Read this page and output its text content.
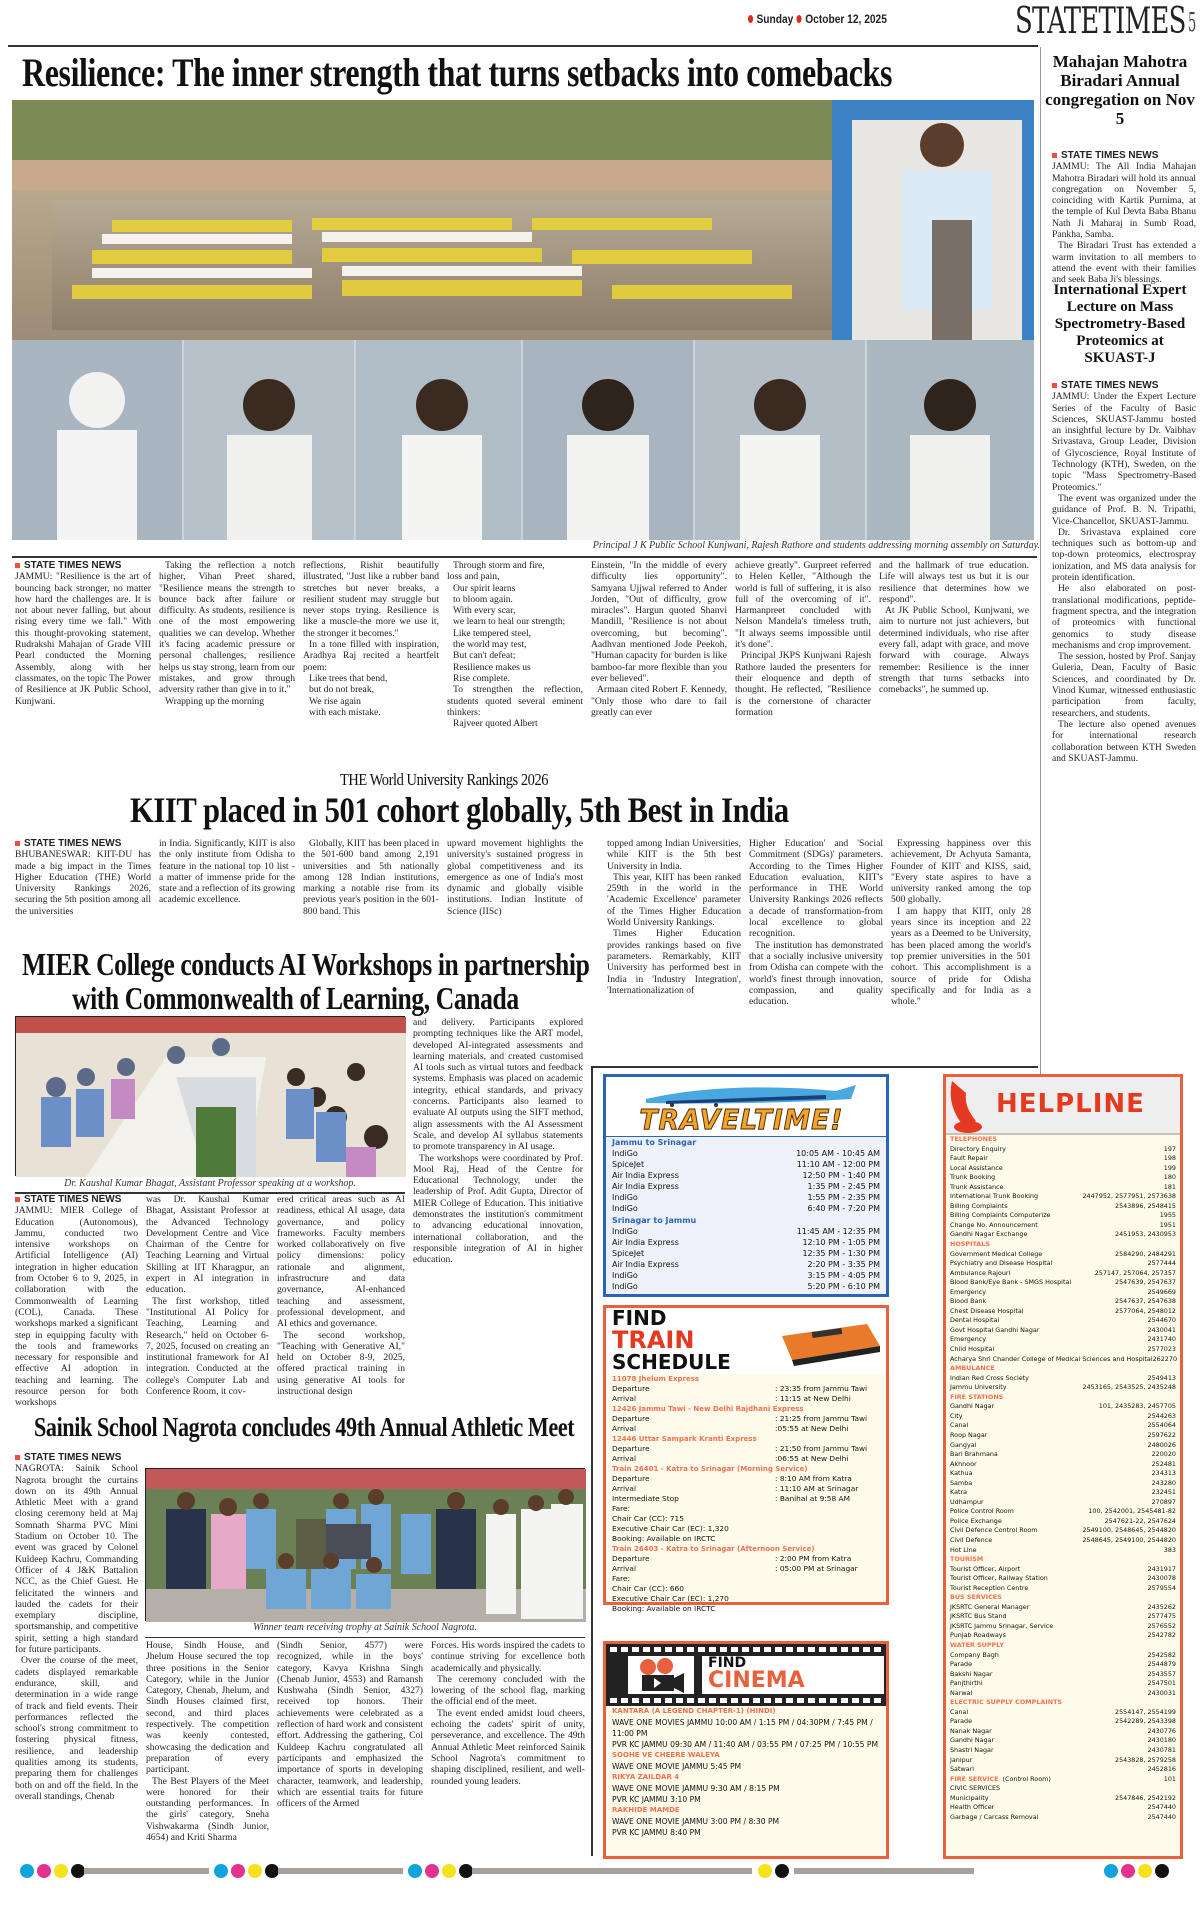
Sunday October 12, 2025	STATETIMES 5
Resilience: The inner strength that turns setbacks into comebacks
Principal J K Public School Kunjwani, Rajesh Rathore and students addressing morning assembly on Saturday.
STATE TIMES NEWS

JAMMU: "Resilience is the art of bouncing back stronger, no matter how hard the challenges are. It is not about never falling, but about rising every time we fall." With this thought-provoking statement, Rudrakshi Mahajan of Grade VIII Pearl conducted the Morning Assembly, along with her classmates, on the topic The Power of Resilience at JK Public School, Kunjwani.

Taking the reflection a notch higher, Vihan Preet shared, "Resilience means the strength to bounce back after failure or difficulty. As students, resilience is one of the most empowering qualities we can develop. Whether it's facing academic pressure or personal challenges, resilience helps us stay strong, learn from our mistakes, and grow through adversity rather than give in to it."

Wrapping up the morning

reflections, Rishit beautifully illustrated, "Just like a rubber band stretches but never breaks, a resilient student may struggle but never stops trying. Resilience is like a muscle-the more we use it, the stronger it becomes."

In a tone filled with inspiration, Aradhya Raj recited a heartfelt poem:

Like trees that bend,

but do not break,

We rise again

with each mistake.

Through storm and fire,

loss and pain,

Our spirit learns

to bloom again.

With every scar,

we learn to heal our strength;

Like tempered steel,

the world may test,

But can't defeat;

Resilience makes us

Rise complete.

To strengthen the reflection, students quoted several eminent thinkers:

Rajveer quoted Albert

Einstein, "In the middle of every difficulty lies opportunity". Samyana Ujjwal referred to Ander Jorden, "Out of difficulty, grow miracles". Hargun quoted Shanvi Mandill, "Resilience is not about overcoming, but becoming". Aadhvan mentioned Jode Peekoh, "Human capacity for burden is like bamboo-far more flexible than you ever believed".

Armaan cited Robert F. Kennedy, "Only those who dare to fail greatly can ever

achieve greatly". Gurpreet referred to Helen Keller, "Although the world is full of suffering, it is also full of the overcoming of it". Harmanpreet concluded with Nelson Mandela's timeless truth, "It always seems impossible until it's done".

Principal JKPS Kunjwani Rajesh Rathore lauded the presenters for their eloquence and depth of thought. He reflected, "Resilience is the cornerstone of character formation

and the hallmark of true education. Life will always test us but it is our resilience that determines how we respond".

At JK Public School, Kunjwani, we aim to nurture not just achievers, but determined individuals, who rise after every fall, adapt with grace, and move forward with courage. Always remember: Resilience is the inner strength that turns setbacks into comebacks", he summed up.

Mahajan Mahotra Biradari Annual congregation on Nov 5
STATE TIMES NEWS

JAMMU: The All India Mahajan Mahotra Biradari will hold its annual congregation on November 5, coinciding with Kartik Purnima, at the temple of Kul Devta Baba Bhanu Nath Ji Maharaj in Sumb Road, Pankha, Samba.

The Biradari Trust has extended a warm invitation to all members to attend the event with their families and seek Baba Ji's blessings.

International Expert Lecture on Mass Spectrometry-Based Proteomics at SKUAST-J
STATE TIMES NEWS

JAMMU: Under the Expert Lecture Series of the Faculty of Basic Sciences, SKUAST-Jammu hosted an insightful lecture by Dr. Vaibhav Srivastava, Group Leader, Division of Glycoscience, Royal Institute of Technology (KTH), Sweden, on the topic "Mass Spectrometry-Based Proteomics."

The event was organized under the guidance of Prof. B. N. Tripathi, Vice-Chancellor, SKUAST-Jammu.

Dr. Srivastava explained core techniques such as bottom-up and top-down proteomics, electrospray ionization, and MS data analysis for protein identification.

He also elaborated on post-translational modifications, peptide-fragment spectra, and the integration of proteomics with functional genomics to study disease mechanisms and crop improvement.

The session, hosted by Prof. Sanjay Guleria, Dean, Faculty of Basic Sciences, and coordinated by Dr. Vinod Kumar, witnessed enthusiastic participation from faculty, researchers, and students.

The lecture also opened avenues for international research collaboration between KTH Sweden and SKUAST-Jammu.

THE World University Rankings 2026
KIIT placed in 501 cohort globally, 5th Best in India
STATE TIMES NEWS

BHUBANESWAR: KIIT-DU has made a big impact in the Times Higher Education (THE) World University Rankings 2026, securing the 5th position among all the universities

in India. Significantly, KIIT is also the only institute from Odisha to feature in the national top 10 list - a matter of immense pride for the state and a reflection of its growing academic excellence.

Globally, KIIT has been placed in the 501-600 band among 2,191 universities and 5th nationally among 128 Indian institutions, marking a notable rise from its previous year's position in the 601-800 band. This

upward movement highlights the university's sustained progress in global competitiveness and its emergence as one of India's most dynamic and globally visible institutions. Indian Institute of Science (IISc)

topped among Indian Universities, while KIIT is the 5th best University in India.

This year, KIIT has been ranked 259th in the world in the 'Academic Excellence' parameter of the Times Higher Education World University Rankings.

Times Higher Education provides rankings based on five parameters. Remarkably, KIIT University has performed best in India in 'Industry Integration', 'Internationalization of

Higher Education' and 'Social Commitment (SDGs)' parameters. According to the Times Higher Education evaluation, KIIT's performance in THE World University Rankings 2026 reflects a decade of transformation-from local excellence to global recognition.

The institution has demonstrated that a socially inclusive university from Odisha can compete with the world's finest through innovation, compassion, and quality education.

Expressing happiness over this achievement, Dr Achyuta Samanta, Founder of KIIT and KISS, said, "Every state aspires to have a university ranked among the top 500 globally.

I am happy that KIIT, only 28 years since its inception and 22 years as a Deemed to be University, has been placed among the world's top premier universities in the 501 cohort. This accomplishment is a source of pride for Odisha specifically and for India as a whole."

MIER College conducts AI Workshops in partnership
with Commonwealth of Learning, Canada
Dr. Kaushal Kumar Bhagat, Assistant Professor speaking at a workshop.

and delivery. Participants explored prompting techniques like the ART model, developed AI-integrated assessments and learning materials, and created customised AI tools such as virtual tutors and feedback systems. Emphasis was placed on academic integrity, ethical standards, and privacy concerns. Participants also learned to evaluate AI outputs using the SIFT method, align assessments with the AI Assessment Scale, and develop AI syllabus statements to promote transparency in AI usage.

The workshops were coordinated by Prof. Mool Raj, Head of the Centre for Educational Technology, under the leadership of Prof. Adit Gupta, Director of MIER College of Education. This initiative demonstrates the institution's commitment to advancing educational innovation, international collaboration, and the responsible integration of AI in higher education.

STATE TIMES NEWS

JAMMU: MIER College of Education (Autonomous), Jammu, conducted two intensive workshops on Artificial Intelligence (AI) integration in higher education from October 6 to 9, 2025, in collaboration with the Commonwealth of Learning (COL), Canada. These workshops marked a significant step in equipping faculty with the tools and frameworks necessary for responsible and effective AI adoption in teaching and learning. The resource person for both workshops

was Dr. Kaushal Kumar Bhagat, Assistant Professor at the Advanced Technology Development Centre and Vice Chairman of the Centre for Teaching Learning and Virtual Skilling at IIT Kharagpur, an expert in AI integration in education.

The first workshop, titled "Institutional AI Policy for Teaching, Learning and Research," held on October 6-7, 2025, focused on creating an institutional framework for AI integration. Conducted at the college's Computer Lab and Conference Room, it cov-

ered critical areas such as AI readiness, ethical AI usage, data governance, and policy frameworks. Faculty members worked collaboratively on five policy dimensions: policy rationale and alignment, infrastructure and data governance, AI-enhanced teaching and assessment, professional development, and AI ethics and governance.

The second workshop, "Teaching with Generative AI," held on October 8-9, 2025, offered practical training in using generative AI tools for instructional design

Sainik School Nagrota concludes 49th Annual Athletic Meet
STATE TIMES NEWS

NAGROTA: Sainik School Nagrota brought the curtains down on its 49th Annual Athletic Meet with a grand closing ceremony held at Maj Somnath Sharma PVC Mini Stadium on October 10. The event was graced by Colonel Kuldeep Kachru, Commanding Officer of 4 J&K Battalion NCC, as the Chief Guest. He felicitated the winners and lauded the cadets for their exemplary discipline, sportsmanship, and competitive spirit, setting a high standard for future participants.

Over the course of the meet, cadets displayed remarkable endurance, skill, and determination in a wide range of track and field events. Their performances reflected the school's strong commitment to fostering physical fitness, resilience, and leadership qualities among its students, preparing them for challenges both on and off the field. In the overall standings, Chenab

Winner team receiving trophy at Sainik School Nagrota.

House, Sindh House, and Jhelum House secured the top three positions in the Senior Category, while in the Junior Category, Chenab, Jhelum, and Sindh Houses claimed first, second, and third places respectively. The competition was keenly contested, showcasing the dedication and preparation of every participant.

The Best Players of the Meet were honored for their outstanding performances. In the girls' category, Sneha Vishwakarma (Sindh Junior, 4654) and Kriti Sharma

(Sindh Senior, 4577) were recognized, while in the boys' category, Kavya Krishna Singh (Chenab Junior, 4553) and Ramansh Kushwaha (Sindh Senior, 4327) received top honors. Their achievements were celebrated as a reflection of hard work and consistent effort. Addressing the gathering, Col Kuldeep Kachru congratulated all participants and emphasized the importance of sports in developing character, teamwork, and leadership, which are essential traits for future officers of the Armed

Forces. His words inspired the cadets to continue striving for excellence both academically and physically.

The ceremony concluded with the lowering of the school flag, marking the official end of the meet.

The event ended amidst loud cheers, echoing the cadets' spirit of unity, perseverance, and excellence. The 49th Annual Athletic Meet reinforced Sainik School Nagrota's commitment to shaping disciplined, resilient, and well-rounded young leaders.

TRAVELTIME!
Jammu to Srinagar
IndiGo	10:05 AM - 10:45 AM
SpiceJet	11:10 AM - 12:00 PM
Air India Express	12:50 PM - 1:40 PM
Air India Express	1:35 PM - 2:45 PM
IndiGo	1:55 PM - 2:35 PM
IndiGo	6:40 PM - 7:20 PM
Srinagar to Jammu
IndiGo	11:45 AM - 12:35 PM
Air India Express	12:10 PM - 1:05 PM
SpiceJet	12:35 PM - 1:30 PM
Air India Express	2:20 PM - 3:35 PM
IndiGo	3:15 PM - 4:05 PM
IndiGo	5:20 PM - 6:10 PM
FIND
TRAIN
SCHEDULE
11078 Jhelum Express
Departure	: 23:35 from Jammu Tawi
Arrival	: 11:15 at New Delhi
12426 Jammu Tawi - New Delhi Rajdhani Express
Departure	: 21:25 from Jammu Tawi
Arrival	:05:55 at New Delhi
12446 Uttar Sampark Kranti Express
Departure	: 21:50 from Jammu Tawi
Arrival	:06:55 at New Delhi
Train 26401 - Katra to Srinagar (Morning Service)
Departure	: 8:10 AM from Katra
Arrival	: 11:10 AM at Srinagar
Intermediate Stop	: Banihal at 9:58 AM
Fare:
Chair Car (CC): 715
Executive Chair Car (EC): 1,320
Booking: Available on IRCTC
Train 26403 - Katra to Srinagar (Afternoon Service)
Departure	: 2:00 PM from Katra
Arrival	: 05:00 PM at Srinagar
Fare:
Chair Car (CC): 660
Executive Chair Car (EC): 1,270
Booking: Available on IRCTC
FIND
CINEMA
KANTARA (A LEGEND CHAPTER-1) (HINDI)
WAVE ONE MOVIES JAMMU 10:00 AM / 1:15 PM / 04:30PM / 7:45 PM / 11:00 PM
PVR KC JAMMU 09:30 AM / 11:40 AM / 03:55 PM / 07:25 PM / 10:55 PM
SOOHE VE CHEERE WALEYA
WAVE ONE MOVIE JAMMU 5:45 PM
RIKYA ZAILDAR 4
WAVE ONE MOVIE JAMMU 9:30 AM / 8:15 PM
PVR KC JAMMU 3:10 PM
RAKHIDE MAMDE
WAVE ONE MOVIE JAMMU 3:00 PM / 8:30 PM
PVR KC JAMMU 8:40 PM
HELPLINE
TELEPHONES
Directory Enquiry	197
Fault Repair	198
Local Assistance	199
Trunk Booking	180
Trunk Assistance	181
International Trunk Booking	2447952, 2577951, 2573638
Billing Complaints	2543896, 2548415
Billing Complaints Computerize	1955
Change No. Announcement	1951
Gandhi Nagar Exchange	2451953, 2430953
HOSPITALS
Government Medical College	2584290, 2484291
Psychiatry and Disease Hospital	2577444
Ambulance Rajouri	257147, 257064, 257357
Blood Bank/Eye Bank - SMGS Hospital	2547639, 2547637
Emergency	2549669
Blood Bank	2547637, 2547638
Chest Disease Hospital	2577064, 2548012
Dental Hospital	2544670
Govt Hospital Gandhi Nagar	2430041
Emergency	2431740
Child Hospital	2577023
Acharya Shri Chander College of Medical Sciences and Hospital 262270
AMBULANCE
Indian Red Cross Society	2549413
Jammu University	2453165, 2543525, 2435248
FIRE STATIONS
Gandhi Nagar	101, 2435283, 2457705
City	2544263
Canal	2554064
Roop Nagar	2597622
Gangyal	2480026
Bari Brahmana	220020
Akhnoor	252481
Kathua	234313
Samba	243280
Katra	232451
Udhampur	270897
Police Control Room	100, 2542001, 2545481-82
Police Exchange	2547621-22, 2547624
Civil Defence Control Room	2549100, 2548645, 2544820
Civil Defence	2548645, 2549100, 2544820
Hot Line	383
TOURISM
Tourist Officer, Airport	2431917
Tourist Officer, Railway Station	2430078
Tourist Reception Centre	2579554
BUS SERVICES
JKSRTC General Manager	2435262
JKSRTC Bus Stand	2577475
JKSRTC Jammu Srinagar, Service	2576552
Punjab Roadways	2542782
WATER SUPPLY
Company Bagh	2542582
Parade	2544879
Bakshi Nagar	2543557
Panjthirthi	2547501
Narwal	2430031
ELECTRIC SUPPLY COMPLAINTS
Canal	2554147, 2554199
Parade	2542289, 2543398
Nanak Nagar	2430776
Gandhi Nagar	2430180
Shastri Nagar	2430781
Janipur	2543828, 2579258
Satwari	2452816
FIRE SERVICE (Control Room)	101
CIVIC SERVICES
Municipality	2547846, 2542192
Health Officer	2547440
Garbage / Carcass Removal	2547440
